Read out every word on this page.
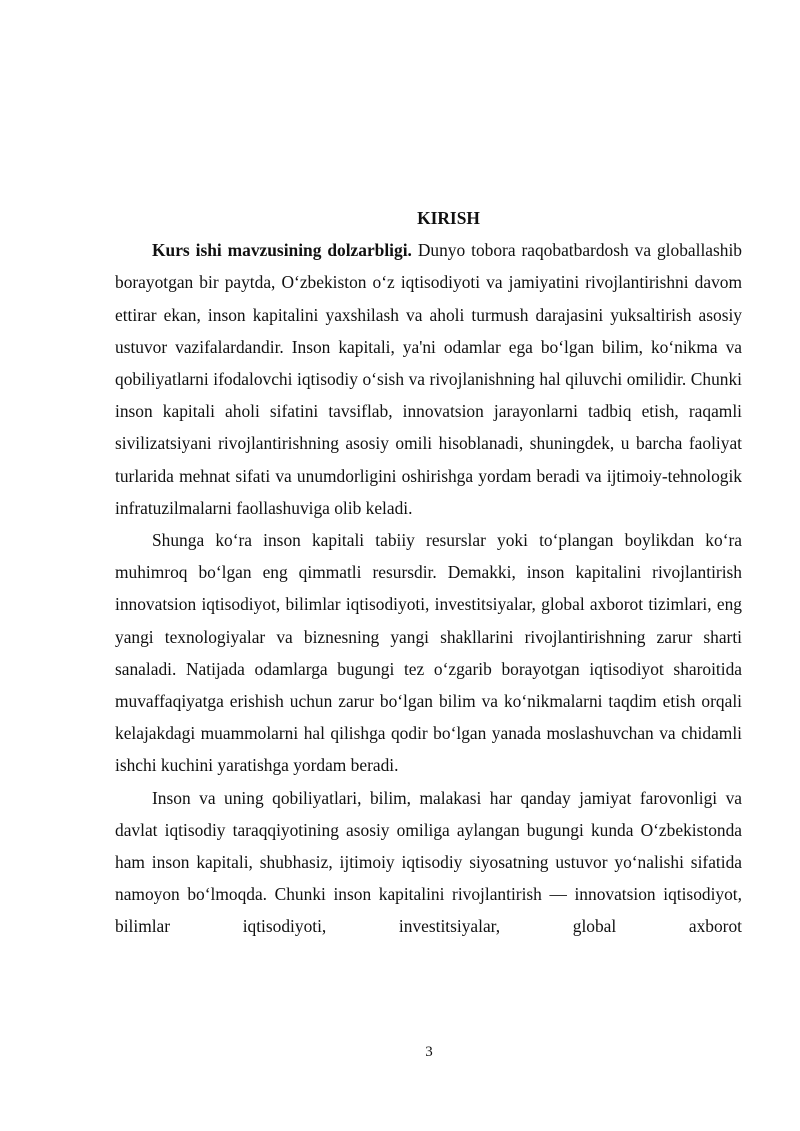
KIRISH

Kurs ishi mavzusining dolzarbligi. Dunyo tobora raqobatbardosh va globallashib borayotgan bir paytda, O‘zbekiston o‘z iqtisodiyoti va jamiyatini rivojlantirishni davom ettirar ekan, inson kapitalini yaxshilash va aholi turmush darajasini yuksaltirish asosiy ustuvor vazifalardandir. Inson kapitali, ya'ni odamlar ega bo‘lgan bilim, ko‘nikma va qobiliyatlarni ifodalovchi iqtisodiy o‘sish va rivojlanishning hal qiluvchi omilidir. Chunki inson kapitali aholi sifatini tavsiflab, innovatsion jarayonlarni tadbiq etish, raqamli sivilizatsiyani rivojlantirishning asosiy omili hisoblanadi, shuningdek, u barcha faoliyat turlarida mehnat sifati va unumdorligini oshirishga yordam beradi va ijtimoiy-tehnologik infratuzilmalarni faollashuviga olib keladi.

Shunga ko‘ra inson kapitali tabiiy resurslar yoki to‘plangan boylikdan ko‘ra muhimroq bo‘lgan eng qimmatli resursdir. Demakki, inson kapitalini rivojlantirish innovatsion iqtisodiyot, bilimlar iqtisodiyoti, investitsiyalar, global axborot tizimlari, eng yangi texnologiyalar va biznesning yangi shakllarini rivojlantirishning zarur sharti sanaladi. Natijada odamlarga bugungi tez o‘zgarib borayotgan iqtisodiyot sharoitida muvaffaqiyatga erishish uchun zarur bo‘lgan bilim va ko‘nikmalarni taqdim etish orqali kelajakdagi muammolarni hal qilishga qodir bo‘lgan yanada moslashuvchan va chidamli ishchi kuchini yaratishga yordam beradi.

Inson va uning qobiliyatlari, bilim, malakasi har qanday jamiyat farovonligi va davlat iqtisodiy taraqqiyotining asosiy omiliga aylangan bugungi kunda O‘zbekistonda ham inson kapitali, shubhasiz, ijtimoiy iqtisodiy siyosatning ustuvor yo‘nalishi sifatida namoyon bo‘lmoqda. Chunki inson kapitalini rivojlantirish — innovatsion iqtisodiyot, bilimlar iqtisodiyoti, investitsiyalar, global axborot

3
